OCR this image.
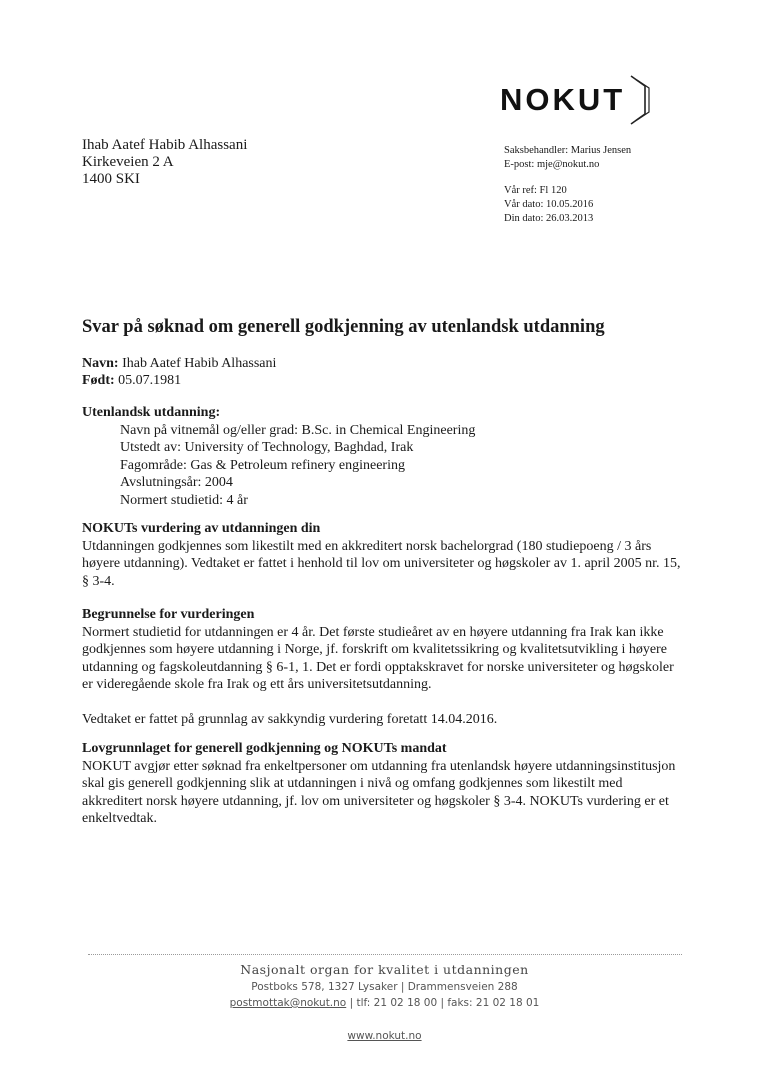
NOKUT
Ihab Aatef Habib Alhassani
Kirkeveien 2 A
1400 SKI
Saksbehandler: Marius Jensen
E-post: mje@nokut.no
Vår ref: Fl 120
Vår dato: 10.05.2016
Din dato: 26.03.2013
Svar på søknad om generell godkjenning av utenlandsk utdanning
Navn: Ihab Aatef Habib Alhassani
Født: 05.07.1981
Utenlandsk utdanning:
Navn på vitnemål og/eller grad: B.Sc. in Chemical Engineering
Utstedt av: University of Technology, Baghdad, Irak
Fagområde: Gas & Petroleum refinery engineering
Avslutningsår: 2004
Normert studietid: 4 år
NOKUTs vurdering av utdanningen din

Utdanningen godkjennes som likestilt med en akkreditert norsk bachelorgrad (180 studiepoeng / 3 års høyere utdanning). Vedtaket er fattet i henhold til lov om universiteter og høgskoler av 1. april 2005 nr. 15, § 3-4.

Begrunnelse for vurderingen

Normert studietid for utdanningen er 4 år. Det første studieåret av en høyere utdanning fra Irak kan ikke godkjennes som høyere utdanning i Norge, jf. forskrift om kvalitetssikring og kvalitetsutvikling i høyere utdanning og fagskoleutdanning § 6-1, 1. Det er fordi opptakskravet for norske universiteter og høgskoler er videregående skole fra Irak og ett års universitetsutdanning.

Vedtaket er fattet på grunnlag av sakkyndig vurdering foretatt 14.04.2016.

Lovgrunnlaget for generell godkjenning og NOKUTs mandat

NOKUT avgjør etter søknad fra enkeltpersoner om utdanning fra utenlandsk høyere utdanningsinstitusjon skal gis generell godkjenning slik at utdanningen i nivå og omfang godkjennes som likestilt med akkreditert norsk høyere utdanning, jf. lov om universiteter og høgskoler § 3-4. NOKUTs vurdering er et enkeltvedtak.

Nasjonalt organ for kvalitet i utdanningen
Postboks 578, 1327 Lysaker | Drammensveien 288
postmottak@nokut.no | tlf: 21 02 18 00 | faks: 21 02 18 01
www.nokut.no
